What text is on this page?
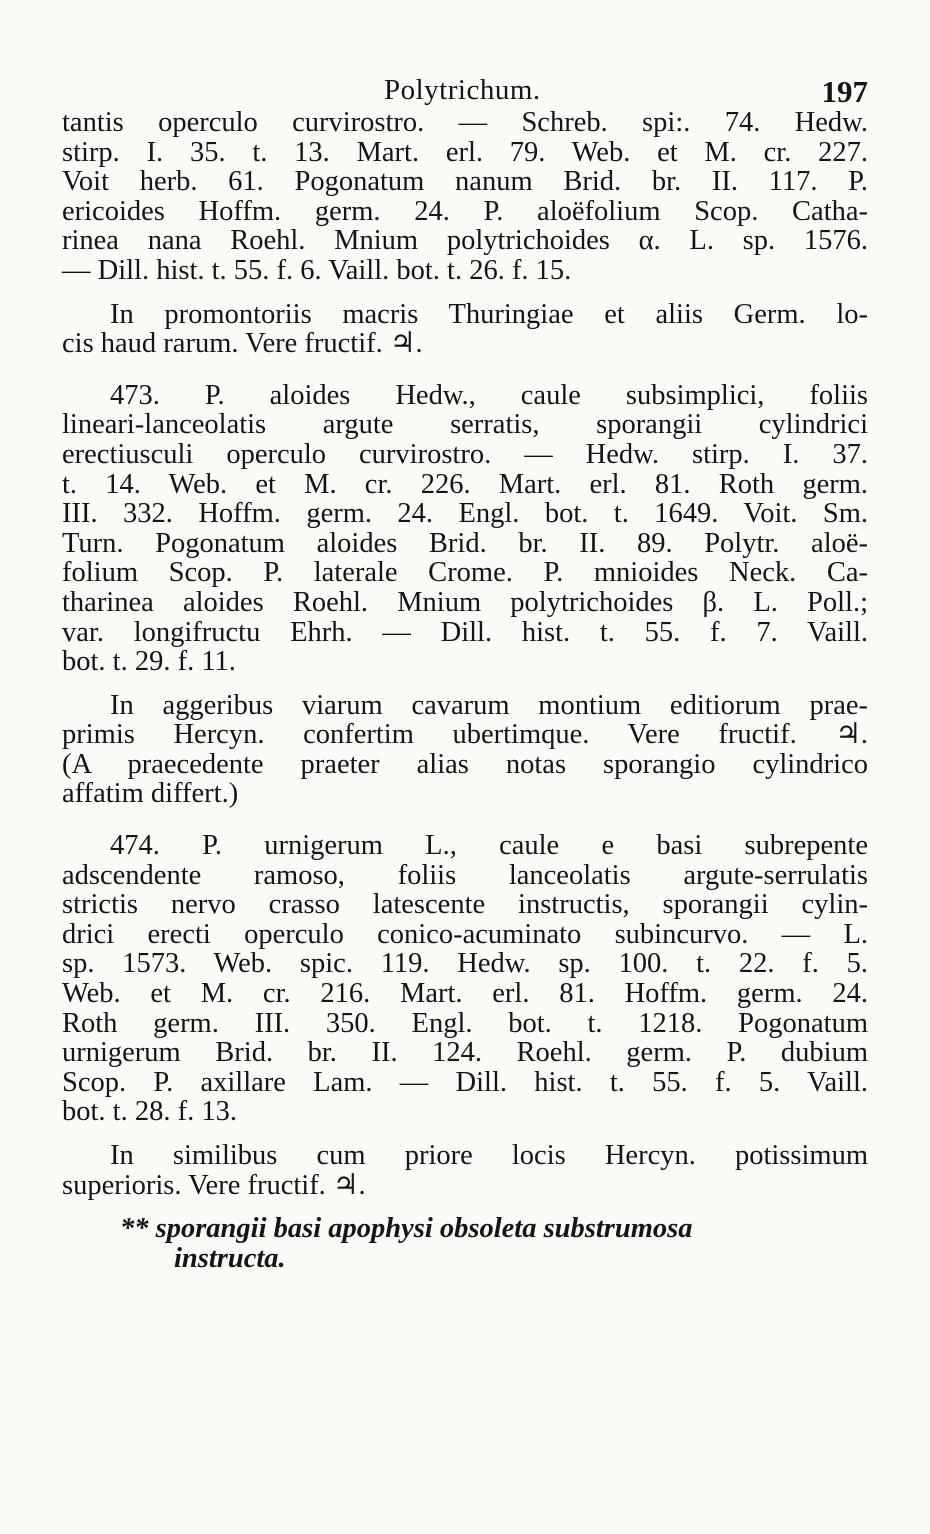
Polytrichum.	197
tantis operculo curvirostro. — Schreb. spi:. 74. Hedw.
stirp. I. 35. t. 13. Mart. erl. 79. Web. et M. cr. 227.
Voit herb. 61. Pogonatum nanum Brid. br. II. 117. P.
ericoides Hoffm. germ. 24. P. aloëfolium Scop. Catha-
rinea nana Roehl. Mnium polytrichoides α. L. sp. 1576.
— Dill. hist. t. 55. f. 6. Vaill. bot. t. 26. f. 15.
In promontoriis macris Thuringiae et aliis Germ. lo-
cis haud rarum. Vere fructif. ♃.
473. P. aloides Hedw., caule subsimplici, foliis
lineari-lanceolatis argute serratis, sporangii cylindrici
erectiusculi operculo curvirostro. — Hedw. stirp. I. 37.
t. 14. Web. et M. cr. 226. Mart. erl. 81. Roth germ.
III. 332. Hoffm. germ. 24. Engl. bot. t. 1649. Voit. Sm.
Turn. Pogonatum aloides Brid. br. II. 89. Polytr. aloë-
folium Scop. P. laterale Crome. P. mnioides Neck. Ca-
tharinea aloides Roehl. Mnium polytrichoides β. L. Poll.;
var. longifructu Ehrh. — Dill. hist. t. 55. f. 7. Vaill.
bot. t. 29. f. 11.
In aggeribus viarum cavarum montium editiorum prae-
primis Hercyn. confertim ubertimque. Vere fructif. ♃.
(A praecedente praeter alias notas sporangio cylindrico
affatim differt.)
474. P. urnigerum L., caule e basi subrepente
adscendente ramoso, foliis lanceolatis argute-serrulatis
strictis nervo crasso latescente instructis, sporangii cylin-
drici erecti operculo conico-acuminato subincurvo. — L.
sp. 1573. Web. spic. 119. Hedw. sp. 100. t. 22. f. 5.
Web. et M. cr. 216. Mart. erl. 81. Hoffm. germ. 24.
Roth germ. III. 350. Engl. bot. t. 1218. Pogonatum
urnigerum Brid. br. II. 124. Roehl. germ. P. dubium
Scop. P. axillare Lam. — Dill. hist. t. 55. f. 5. Vaill.
bot. t. 28. f. 13.
In similibus cum priore locis Hercyn. potissimum
superioris. Vere fructif. ♃.
** sporangii basi apophysi obsoleta substrumosa
instructa.
